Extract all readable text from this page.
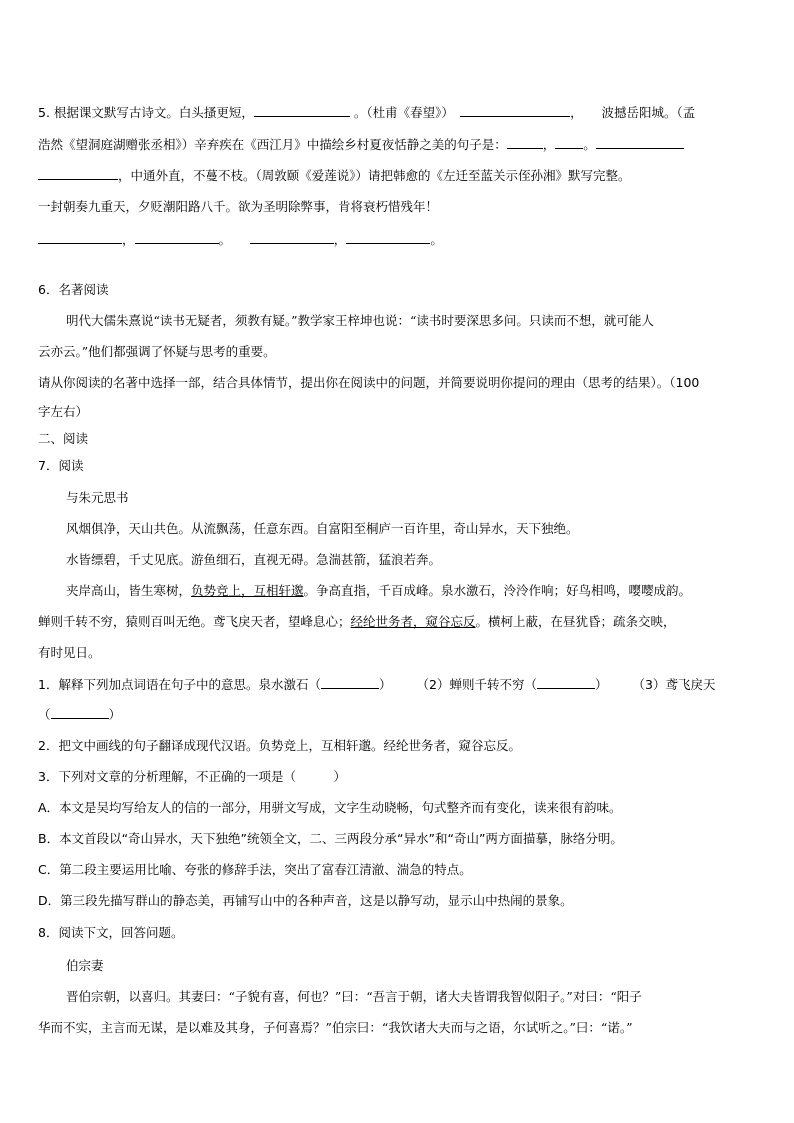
5. 根据课文默写古诗文。白头搔更短，	。（杜甫《春望》）　	，　　 波撼岳阳城。（孟
浩然《望洞庭湖赠张丞相》）辛弃疾在《西江月》中描绘乡村夏夜恬静之美的句子是：	， 。
，中通外直，不蔓不枝。（周敦颐《爱莲说》）请把韩愈的《左迁至蓝关示侄孙湘》默写完整。
一封朝奏九重天，夕贬潮阳路八千。欲为圣明除弊事，肯将衰朽惜残年！
，	。　　	，	。
6．名著阅读
明代大儒朱熹说“读书无疑者，须教有疑。”教学家王梓坤也说：“读书时要深思多问。只读而不想，就可能人
云亦云。”他们都强调了怀疑与思考的重要。
请从你阅读的名著中选择一部，结合具体情节，提出你在阅读中的问题，并简要说明你提问的理由（思考的结果）。（100
字左右）
二、阅读
7．阅读
与朱元思书
风烟俱净，天山共色。从流飘荡，任意东西。自富阳至桐庐一百许里，奇山异水，天下独绝。
水皆缥碧，千丈见底。游鱼细石，直视无碍。急湍甚箭，猛浪若奔。
夹岸高山，皆生寒树，负势竞上，互相轩邈。争高直指，千百成峰。泉水激石，泠泠作响；好鸟相鸣，嘤嘤成韵。
蝉则千转不穷，猿则百叫无绝。鸢飞戾天者，望峰息心；经纶世务者，窥谷忘反。横柯上蔽，在昼犹昏；疏条交映，
有时见日。
1．解释下列加点词语在句子中的意思。泉水激石（	）　　　	（2）蝉则千转不穷（	）　　　	（3）鸢飞戾天
（	）
2．把文中画线的句子翻译成现代汉语。负势竞上，互相轩邈。经纶世务者，窥谷忘反。
3．下列对文章的分析理解，不正确的一项是（　　　）
A．本文是吴均写给友人的信的一部分，用骈文写成，文字生动晓畅，句式整齐而有变化，读来很有韵味。
B．本文首段以“奇山异水，天下独绝”统领全文，二、三两段分承“异水”和“奇山”两方面描摹，脉络分明。
C．第二段主要运用比喻、夸张的修辞手法，突出了富春江清澈、湍急的特点。
D．第三段先描写群山的静态美，再铺写山中的各种声音，这是以静写动，显示山中热闹的景象。
8．阅读下文，回答问题。
伯宗妻
晋伯宗朝，以喜归。其妻曰：“子貌有喜，何也？”曰：“吾言于朝，诸大夫皆谓我智似阳子。”对曰：“阳子
华而不实，主言而无谋，是以难及其身，子何喜焉？”伯宗曰：“我饮诸大夫而与之语，尔试听之。”曰：“诺。”
